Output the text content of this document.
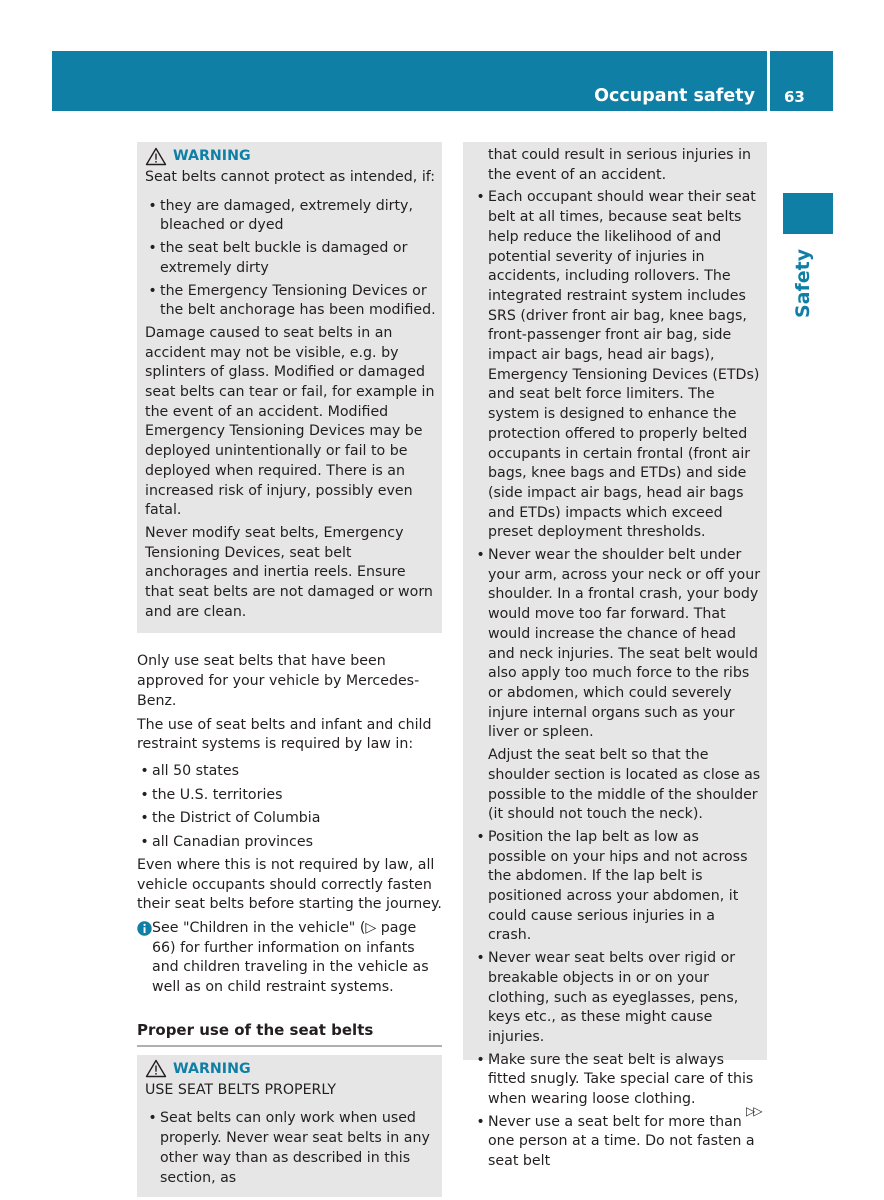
Occupant safety 63
Safety
WARNING

Seat belts cannot protect as intended, if:

• they are damaged, extremely dirty, bleached or dyed
• the seat belt buckle is damaged or extremely dirty
• the Emergency Tensioning Devices or the belt anchorage has been modified.

Damage caused to seat belts in an accident may not be visible, e.g. by splinters of glass. Modified or damaged seat belts can tear or fail, for example in the event of an accident. Modified Emergency Tensioning Devices may be deployed unintentionally or fail to be deployed when required. There is an increased risk of injury, possibly even fatal.

Never modify seat belts, Emergency Tensioning Devices, seat belt anchorages and inertia reels. Ensure that seat belts are not damaged or worn and are clean.

Only use seat belts that have been approved for your vehicle by Mercedes-Benz.

The use of seat belts and infant and child restraint systems is required by law in:

• all 50 states
• the U.S. territories
• the District of Columbia
• all Canadian provinces

Even where this is not required by law, all vehicle occupants should correctly fasten their seat belts before starting the journey.

See "Children in the vehicle" (▷ page 66) for further information on infants and children traveling in the vehicle as well as on child restraint systems.
Proper use of the seat belts
WARNING

USE SEAT BELTS PROPERLY

• Seat belts can only work when used properly. Never wear seat belts in any other way than as described in this section, as

that could result in serious injuries in the event of an accident.

• Each occupant should wear their seat belt at all times, because seat belts help reduce the likelihood of and potential severity of injuries in accidents, including rollovers. The integrated restraint system includes SRS (driver front air bag, knee bags, front-passenger front air bag, side impact air bags, head air bags), Emergency Tensioning Devices (ETDs) and seat belt force limiters. The system is designed to enhance the protection offered to properly belted occupants in certain frontal (front air bags, knee bags and ETDs) and side (side impact air bags, head air bags and ETDs) impacts which exceed preset deployment thresholds.
• Never wear the shoulder belt under your arm, across your neck or off your shoulder. In a frontal crash, your body would move too far forward. That would increase the chance of head and neck injuries. The seat belt would also apply too much force to the ribs or abdomen, which could severely injure internal organs such as your liver or spleen.

Adjust the seat belt so that the shoulder section is located as close as possible to the middle of the shoulder (it should not touch the neck).

• Position the lap belt as low as possible on your hips and not across the abdomen. If the lap belt is positioned across your abdomen, it could cause serious injuries in a crash.
• Never wear seat belts over rigid or breakable objects in or on your clothing, such as eyeglasses, pens, keys etc., as these might cause injuries.
• Make sure the seat belt is always fitted snugly. Take special care of this when wearing loose clothing.
• Never use a seat belt for more than one person at a time. Do not fasten a seat belt
▷▷
